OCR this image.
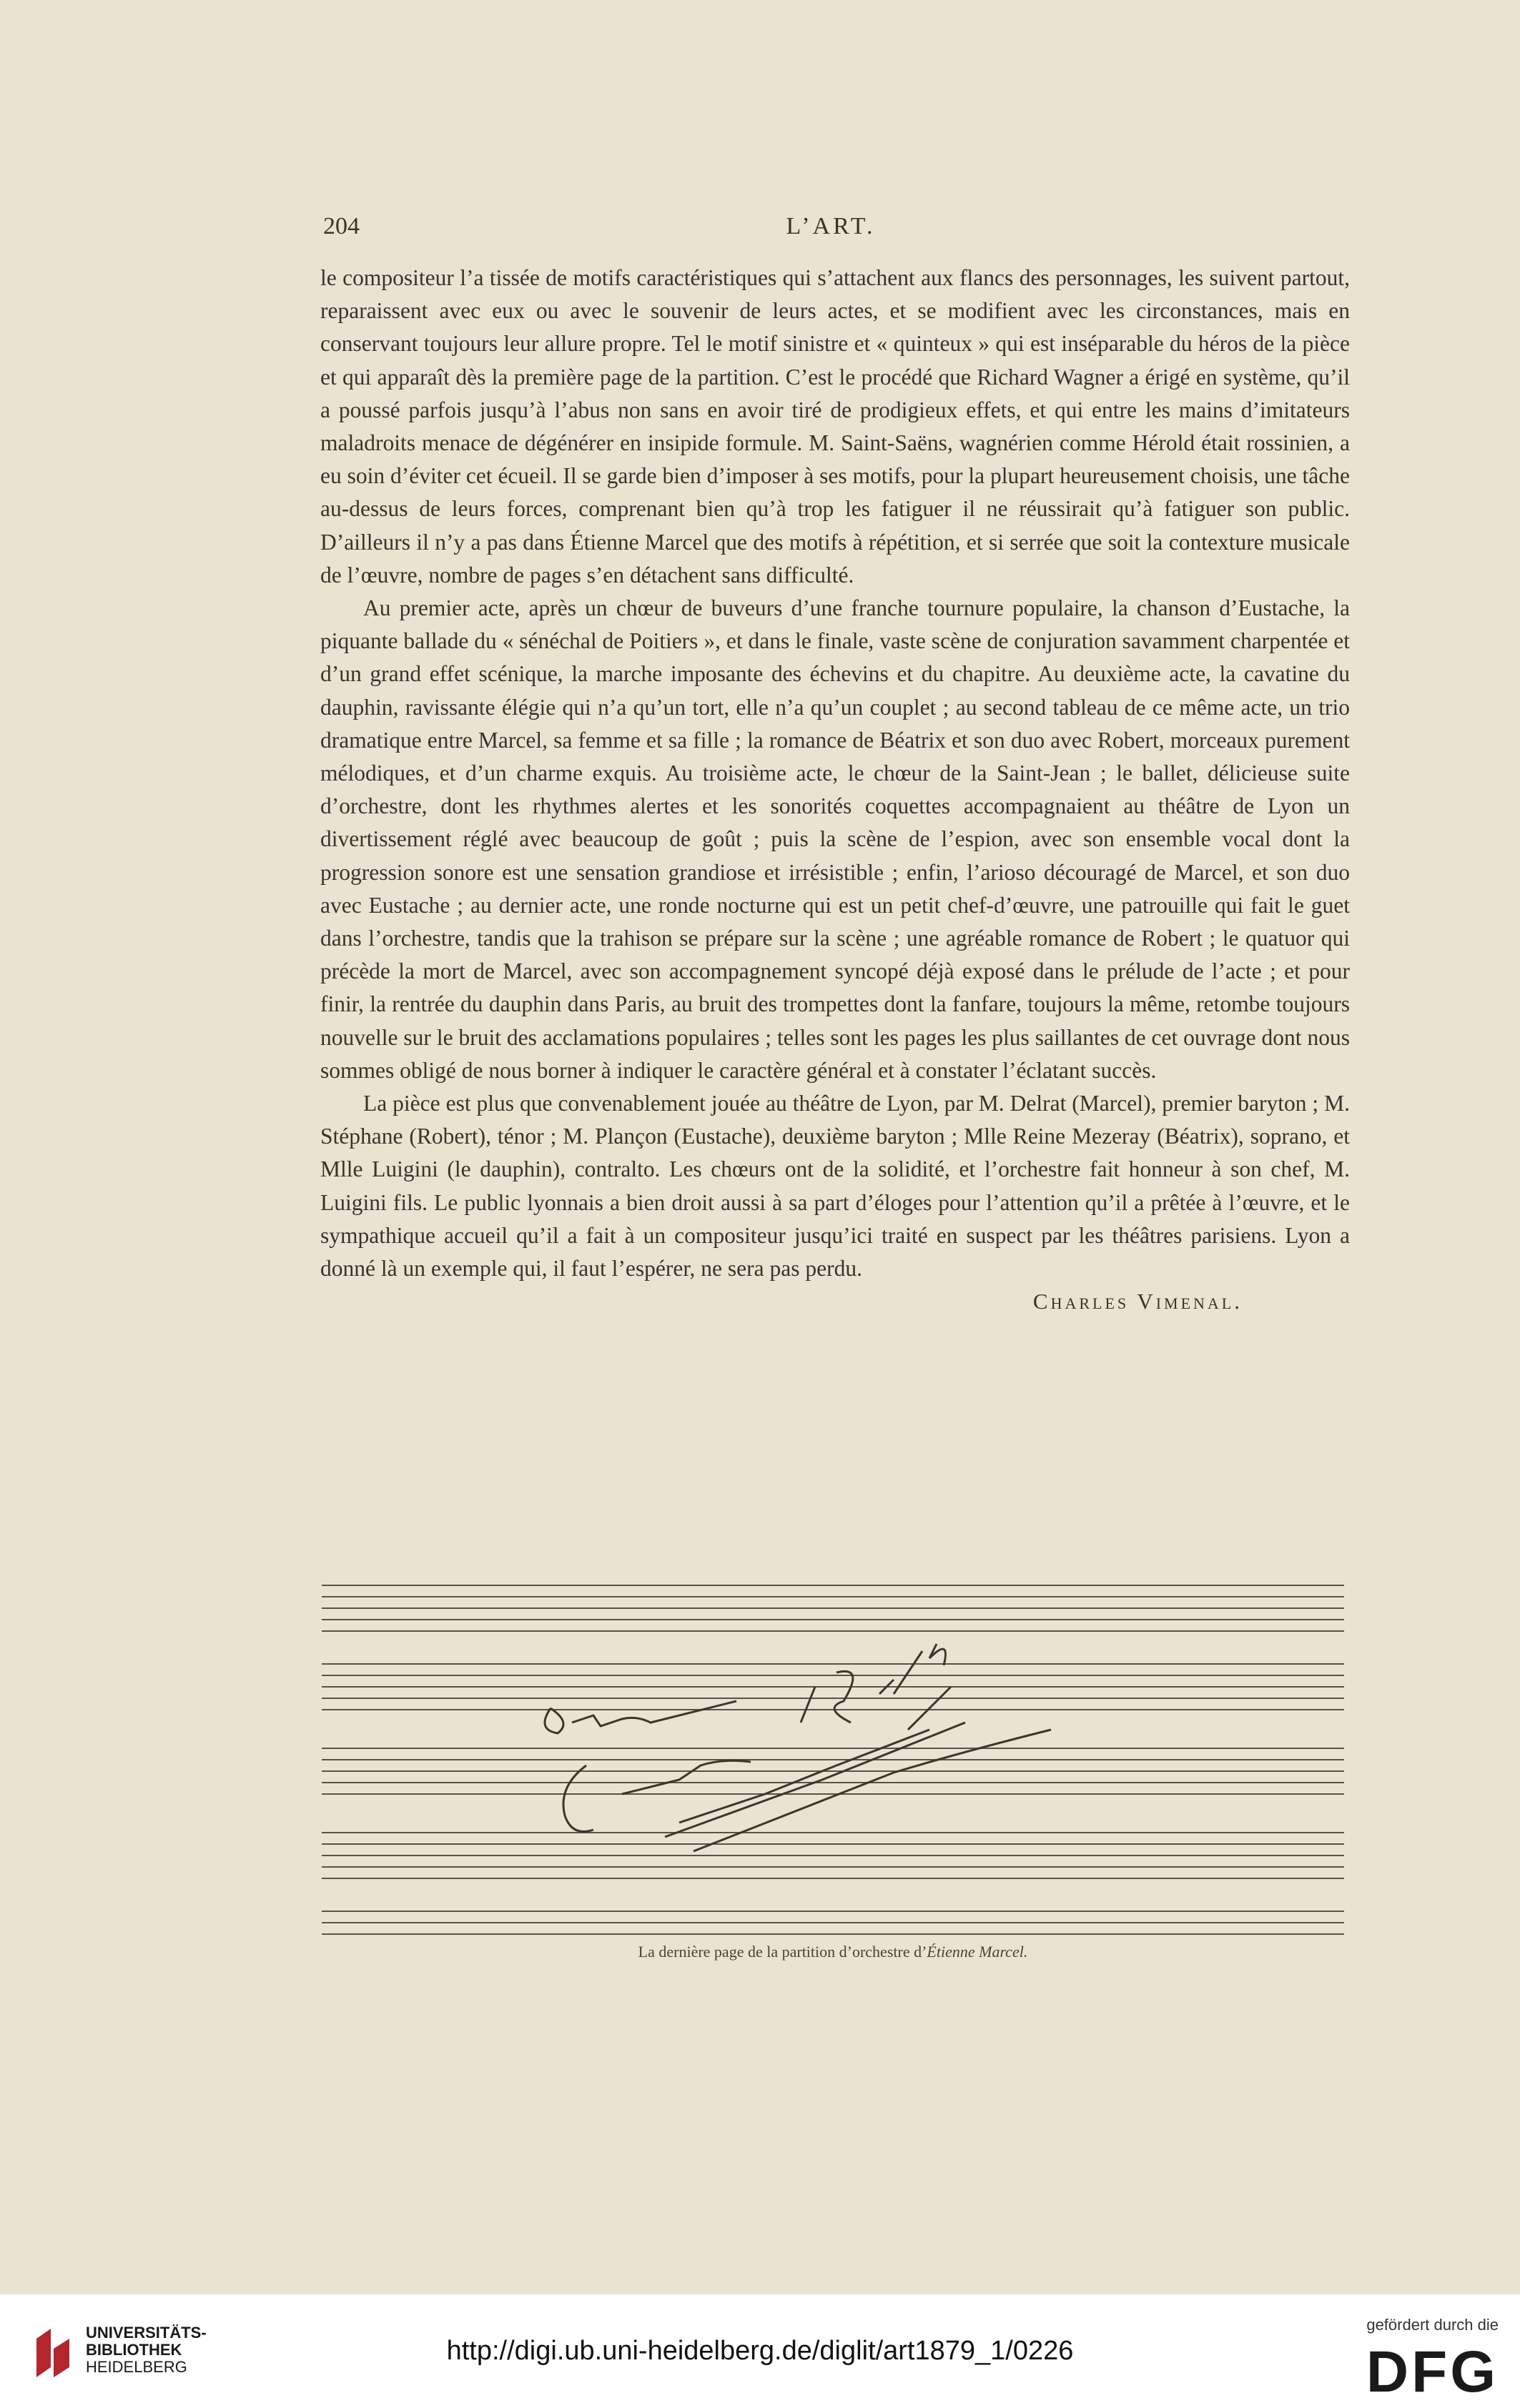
204	L’ART.

le compositeur l’a tissée de motifs caractéristiques qui s’attachent aux flancs des personnages, les suivent partout, reparaissent avec eux ou avec le souvenir de leurs actes, et se modifient avec les circonstances, mais en conservant toujours leur allure propre. Tel le motif sinistre et « quinteux » qui est inséparable du héros de la pièce et qui apparaît dès la première page de la partition. C’est le procédé que Richard Wagner a érigé en système, qu’il a poussé parfois jusqu’à l’abus non sans en avoir tiré de prodigieux effets, et qui entre les mains d’imitateurs maladroits menace de dégénérer en insipide formule. M. Saint-Saëns, wagnérien comme Hérold était rossinien, a eu soin d’éviter cet écueil. Il se garde bien d’imposer à ses motifs, pour la plupart heureusement choisis, une tâche au-dessus de leurs forces, comprenant bien qu’à trop les fatiguer il ne réussirait qu’à fatiguer son public. D’ailleurs il n’y a pas dans Étienne Marcel que des motifs à répétition, et si serrée que soit la contexture musicale de l’œuvre, nombre de pages s’en détachent sans difficulté.

Au premier acte, après un chœur de buveurs d’une franche tournure populaire, la chanson d’Eustache, la piquante ballade du « sénéchal de Poitiers », et dans le finale, vaste scène de conjuration savamment charpentée et d’un grand effet scénique, la marche imposante des échevins et du chapitre. Au deuxième acte, la cavatine du dauphin, ravissante élégie qui n’a qu’un tort, elle n’a qu’un couplet ; au second tableau de ce même acte, un trio dramatique entre Marcel, sa femme et sa fille ; la romance de Béatrix et son duo avec Robert, morceaux purement mélodiques, et d’un charme exquis. Au troisième acte, le chœur de la Saint-Jean ; le ballet, délicieuse suite d’orchestre, dont les rhythmes alertes et les sonorités coquettes accompagnaient au théâtre de Lyon un divertissement réglé avec beaucoup de goût ; puis la scène de l’espion, avec son ensemble vocal dont la progression sonore est une sensation grandiose et irrésistible ; enfin, l’arioso découragé de Marcel, et son duo avec Eustache ; au dernier acte, une ronde nocturne qui est un petit chef-d’œuvre, une patrouille qui fait le guet dans l’orchestre, tandis que la trahison se prépare sur la scène ; une agréable romance de Robert ; le quatuor qui précède la mort de Marcel, avec son accompagnement syncopé déjà exposé dans le prélude de l’acte ; et pour finir, la rentrée du dauphin dans Paris, au bruit des trompettes dont la fanfare, toujours la même, retombe toujours nouvelle sur le bruit des acclamations populaires ; telles sont les pages les plus saillantes de cet ouvrage dont nous sommes obligé de nous borner à indiquer le caractère général et à constater l’éclatant succès.

La pièce est plus que convenablement jouée au théâtre de Lyon, par M. Delrat (Marcel), premier baryton ; M. Stéphane (Robert), ténor ; M. Plançon (Eustache), deuxième baryton ; Mlle Reine Mezeray (Béatrix), soprano, et Mlle Luigini (le dauphin), contralto. Les chœurs ont de la solidité, et l’orchestre fait honneur à son chef, M. Luigini fils. Le public lyonnais a bien droit aussi à sa part d’éloges pour l’attention qu’il a prêtée à l’œuvre, et le sympathique accueil qu’il a fait à un compositeur jusqu’ici traité en suspect par les théâtres parisiens. Lyon a donné là un exemple qui, il faut l’espérer, ne sera pas perdu.

Charles Vimenal.
La dernière page de la partition d’orchestre d’Étienne Marcel.
UNIVERSITÄTS-
BIBLIOTHEK
HEIDELBERG
http://digi.ub.uni-heidelberg.de/diglit/art1879_1/0226
gefördert durch die
DFG
